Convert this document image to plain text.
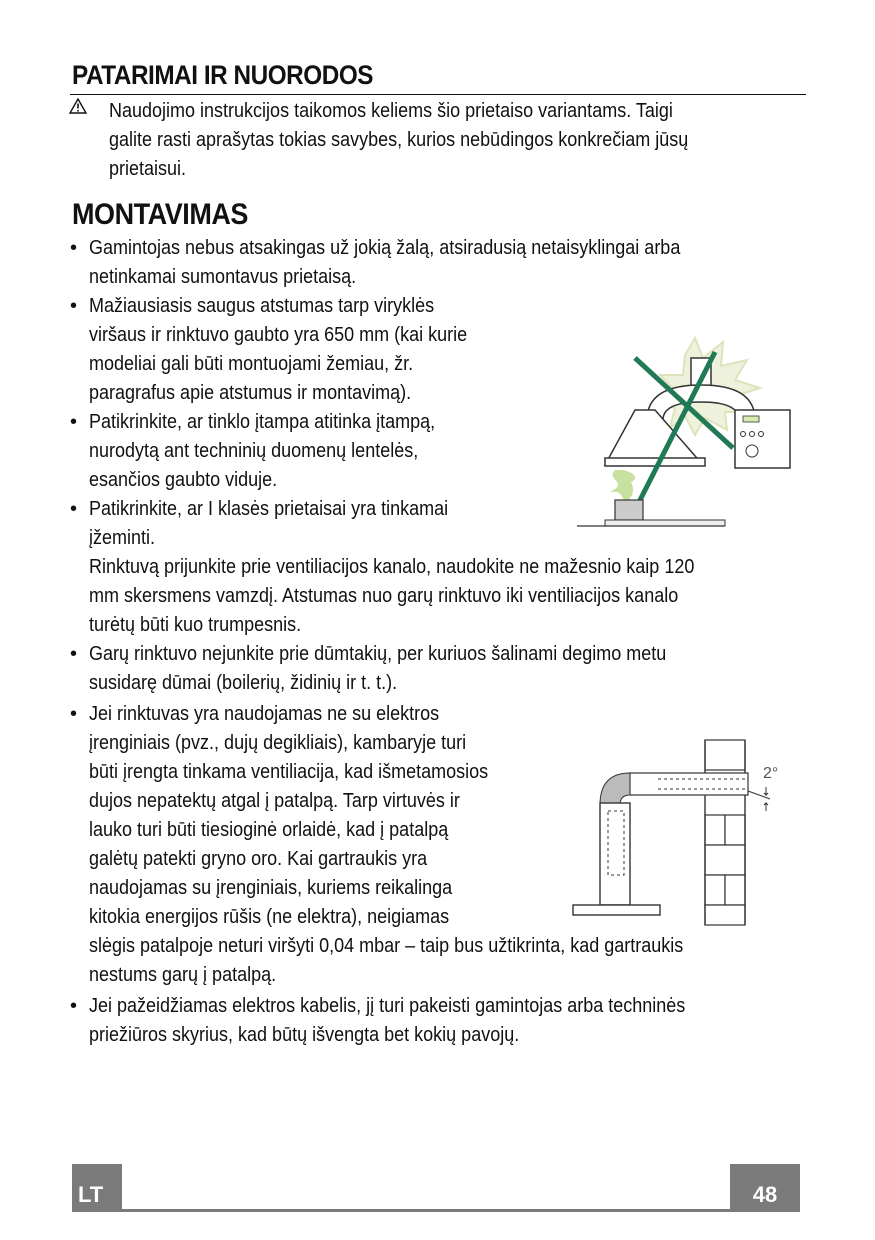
PATARIMAI IR NUORODOS
Naudojimo instrukcijos taikomos keliems šio prietaiso variantams. Taigi
galite rasti aprašytas tokias savybes, kurios nebūdingos konkrečiam jūsų
prietaisui.
MONTAVIMAS
• Gamintojas nebus atsakingas už jokią žalą, atsiradusią netaisyklingai arba
netinkamai sumontavus prietaisą.
• Mažiausiasis saugus atstumas tarp viryklės
viršaus ir rinktuvo gaubto yra 650 mm (kai kurie
modeliai gali būti montuojami žemiau, žr.
paragrafus apie atstumus ir montavimą).
• Patikrinkite, ar tinklo įtampa atitinka įtampą,
nurodytą ant techninių duomenų lentelės,
esančios gaubto viduje.
• Patikrinkite, ar I klasės prietaisai yra tinkamai
įžeminti.
Rinktuvą prijunkite prie ventiliacijos kanalo, naudokite ne mažesnio kaip 120
mm skersmens vamzdį. Atstumas nuo garų rinktuvo iki ventiliacijos kanalo
turėtų būti kuo trumpesnis.
• Garų rinktuvo nejunkite prie dūmtakių, per kuriuos šalinami degimo metu
susidarę dūmai (boilerių, židinių ir t. t.).
• Jei rinktuvas yra naudojamas ne su elektros
įrenginiais (pvz., dujų degikliais), kambaryje turi
būti įrengta tinkama ventiliacija, kad išmetamosios
dujos nepatektų atgal į patalpą. Tarp virtuvės ir
lauko turi būti tiesioginė orlaidė, kad į patalpą
galėtų patekti gryno oro. Kai gartraukis yra
naudojamas su įrenginiais, kuriems reikalinga
kitokia energijos rūšis (ne elektra), neigiamas
slėgis patalpoje neturi viršyti 0,04 mbar – taip bus užtikrinta, kad gartraukis
nestums garų į patalpą.
• Jei pažeidžiamas elektros kabelis, jį turi pakeisti gamintojas arba techninės
priežiūros skyrius, kad būtų išvengta bet kokių pavojų.
2°
LT	48
